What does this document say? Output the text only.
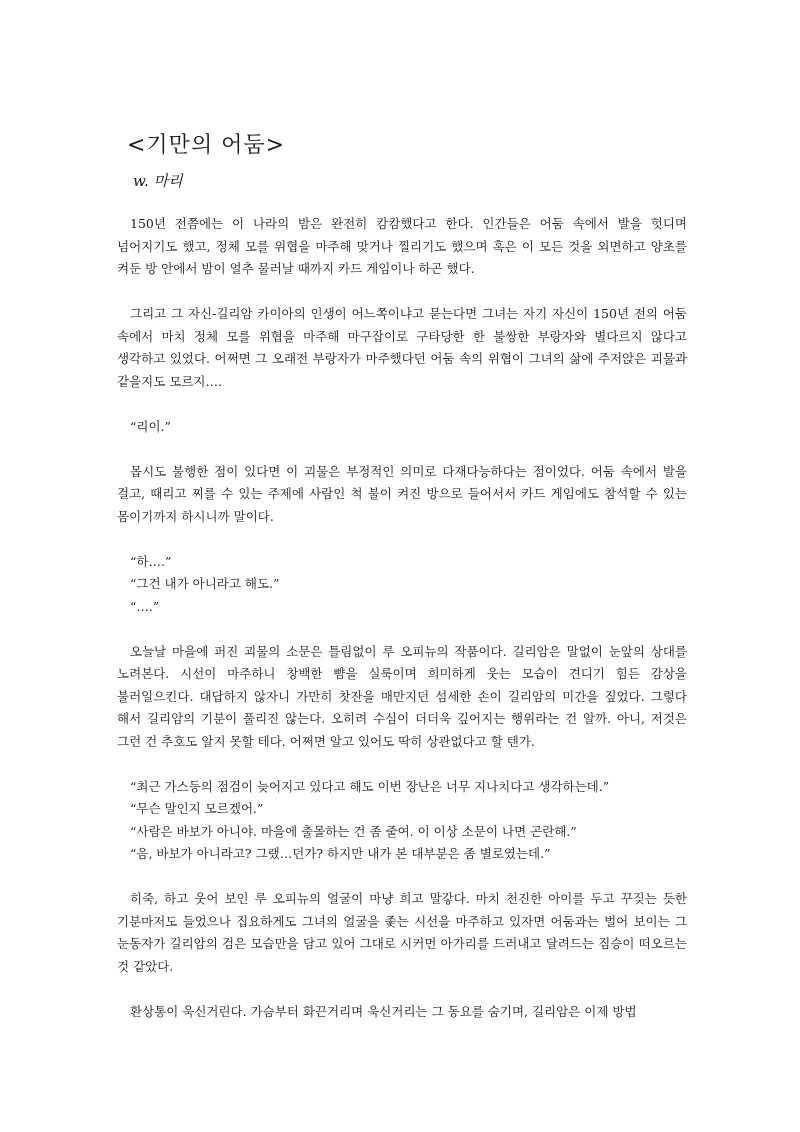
<기만의 어둠>
w. 마리

150년 전쯤에는 이 나라의 밤은 완전히 캄캄했다고 한다. 인간들은 어둠 속에서 발을 헛디며 넘어지기도 했고, 정체 모를 위협을 마주해 맞거나 찔리기도 했으며 혹은 이 모든 것을 외면하고 양초를 켜둔 방 안에서 밤이 얼추 물러날 때까지 카드 게임이나 하곤 했다.

그리고 그 자신-길리암 카이아의 인생이 어느쪽이냐고 묻는다면 그녀는 자기 자신이 150년 전의 어둠 속에서 마치 정체 모를 위협을 마주해 마구잡이로 구타당한 한 불쌍한 부랑자와 별다르지 않다고 생각하고 있었다. 어쩌면 그 오래전 부랑자가 마주했다던 어둠 속의 위협이 그녀의 삶에 주저앉은 괴물과 같을지도 모르지….

“리이.”

몹시도 불행한 점이 있다면 이 괴물은 부정적인 의미로 다재다능하다는 점이었다. 어둠 속에서 발을 걸고, 때리고 찌를 수 있는 주제에 사람인 척 불이 켜진 방으로 들어서서 카드 게임에도 참석할 수 있는 몸이기까지 하시니까 말이다.

“하….”
“그건 내가 아니라고 해도.”
“….”

오늘날 마을에 퍼진 괴물의 소문은 틀림없이 루 오피뉴의 작품이다. 길리암은 말없이 눈앞의 상대를 노려본다. 시선이 마주하니 창백한 뺨을 실룩이며 희미하게 웃는 모습이 견디기 힘든 감상을 불러일으킨다. 대답하지 않자니 가만히 찻잔을 매만지던 섬세한 손이 길리암의 미간을 짚었다. 그렇다 해서 길리암의 기분이 풀리진 않는다. 오히려 수심이 더더욱 깊어지는 행위라는 건 알까. 아니, 저것은 그런 건 추호도 알지 못할 테다. 어쩌면 알고 있어도 딱히 상관없다고 할 텐가.

“최근 가스등의 점검이 늦어지고 있다고 해도 이번 장난은 너무 지나치다고 생각하는데.”
“무슨 말인지 모르겠어.”
“사람은 바보가 아니야. 마을에 출몰하는 건 좀 줄여. 이 이상 소문이 나면 곤란해.”
“음, 바보가 아니라고? 그랬…던가? 하지만 내가 본 대부분은 좀 별로였는데.”

히죽, 하고 웃어 보인 루 오피뉴의 얼굴이 마냥 희고 말갛다. 마치 천진한 아이를 두고 꾸짖는 듯한 기분마저도 들었으나 집요하게도 그녀의 얼굴을 좇는 시선을 마주하고 있자면 어둠과는 벌어 보이는 그 눈동자가 길리암의 검은 모습만을 담고 있어 그대로 시커먼 아가리를 드러내고 달려드는 짐승이 떠오르는 것 같았다.

환상통이 욱신거린다. 가슴부터 화끈거리며 욱신거리는 그 동요를 숨기며, 길리암은 이제 방법
